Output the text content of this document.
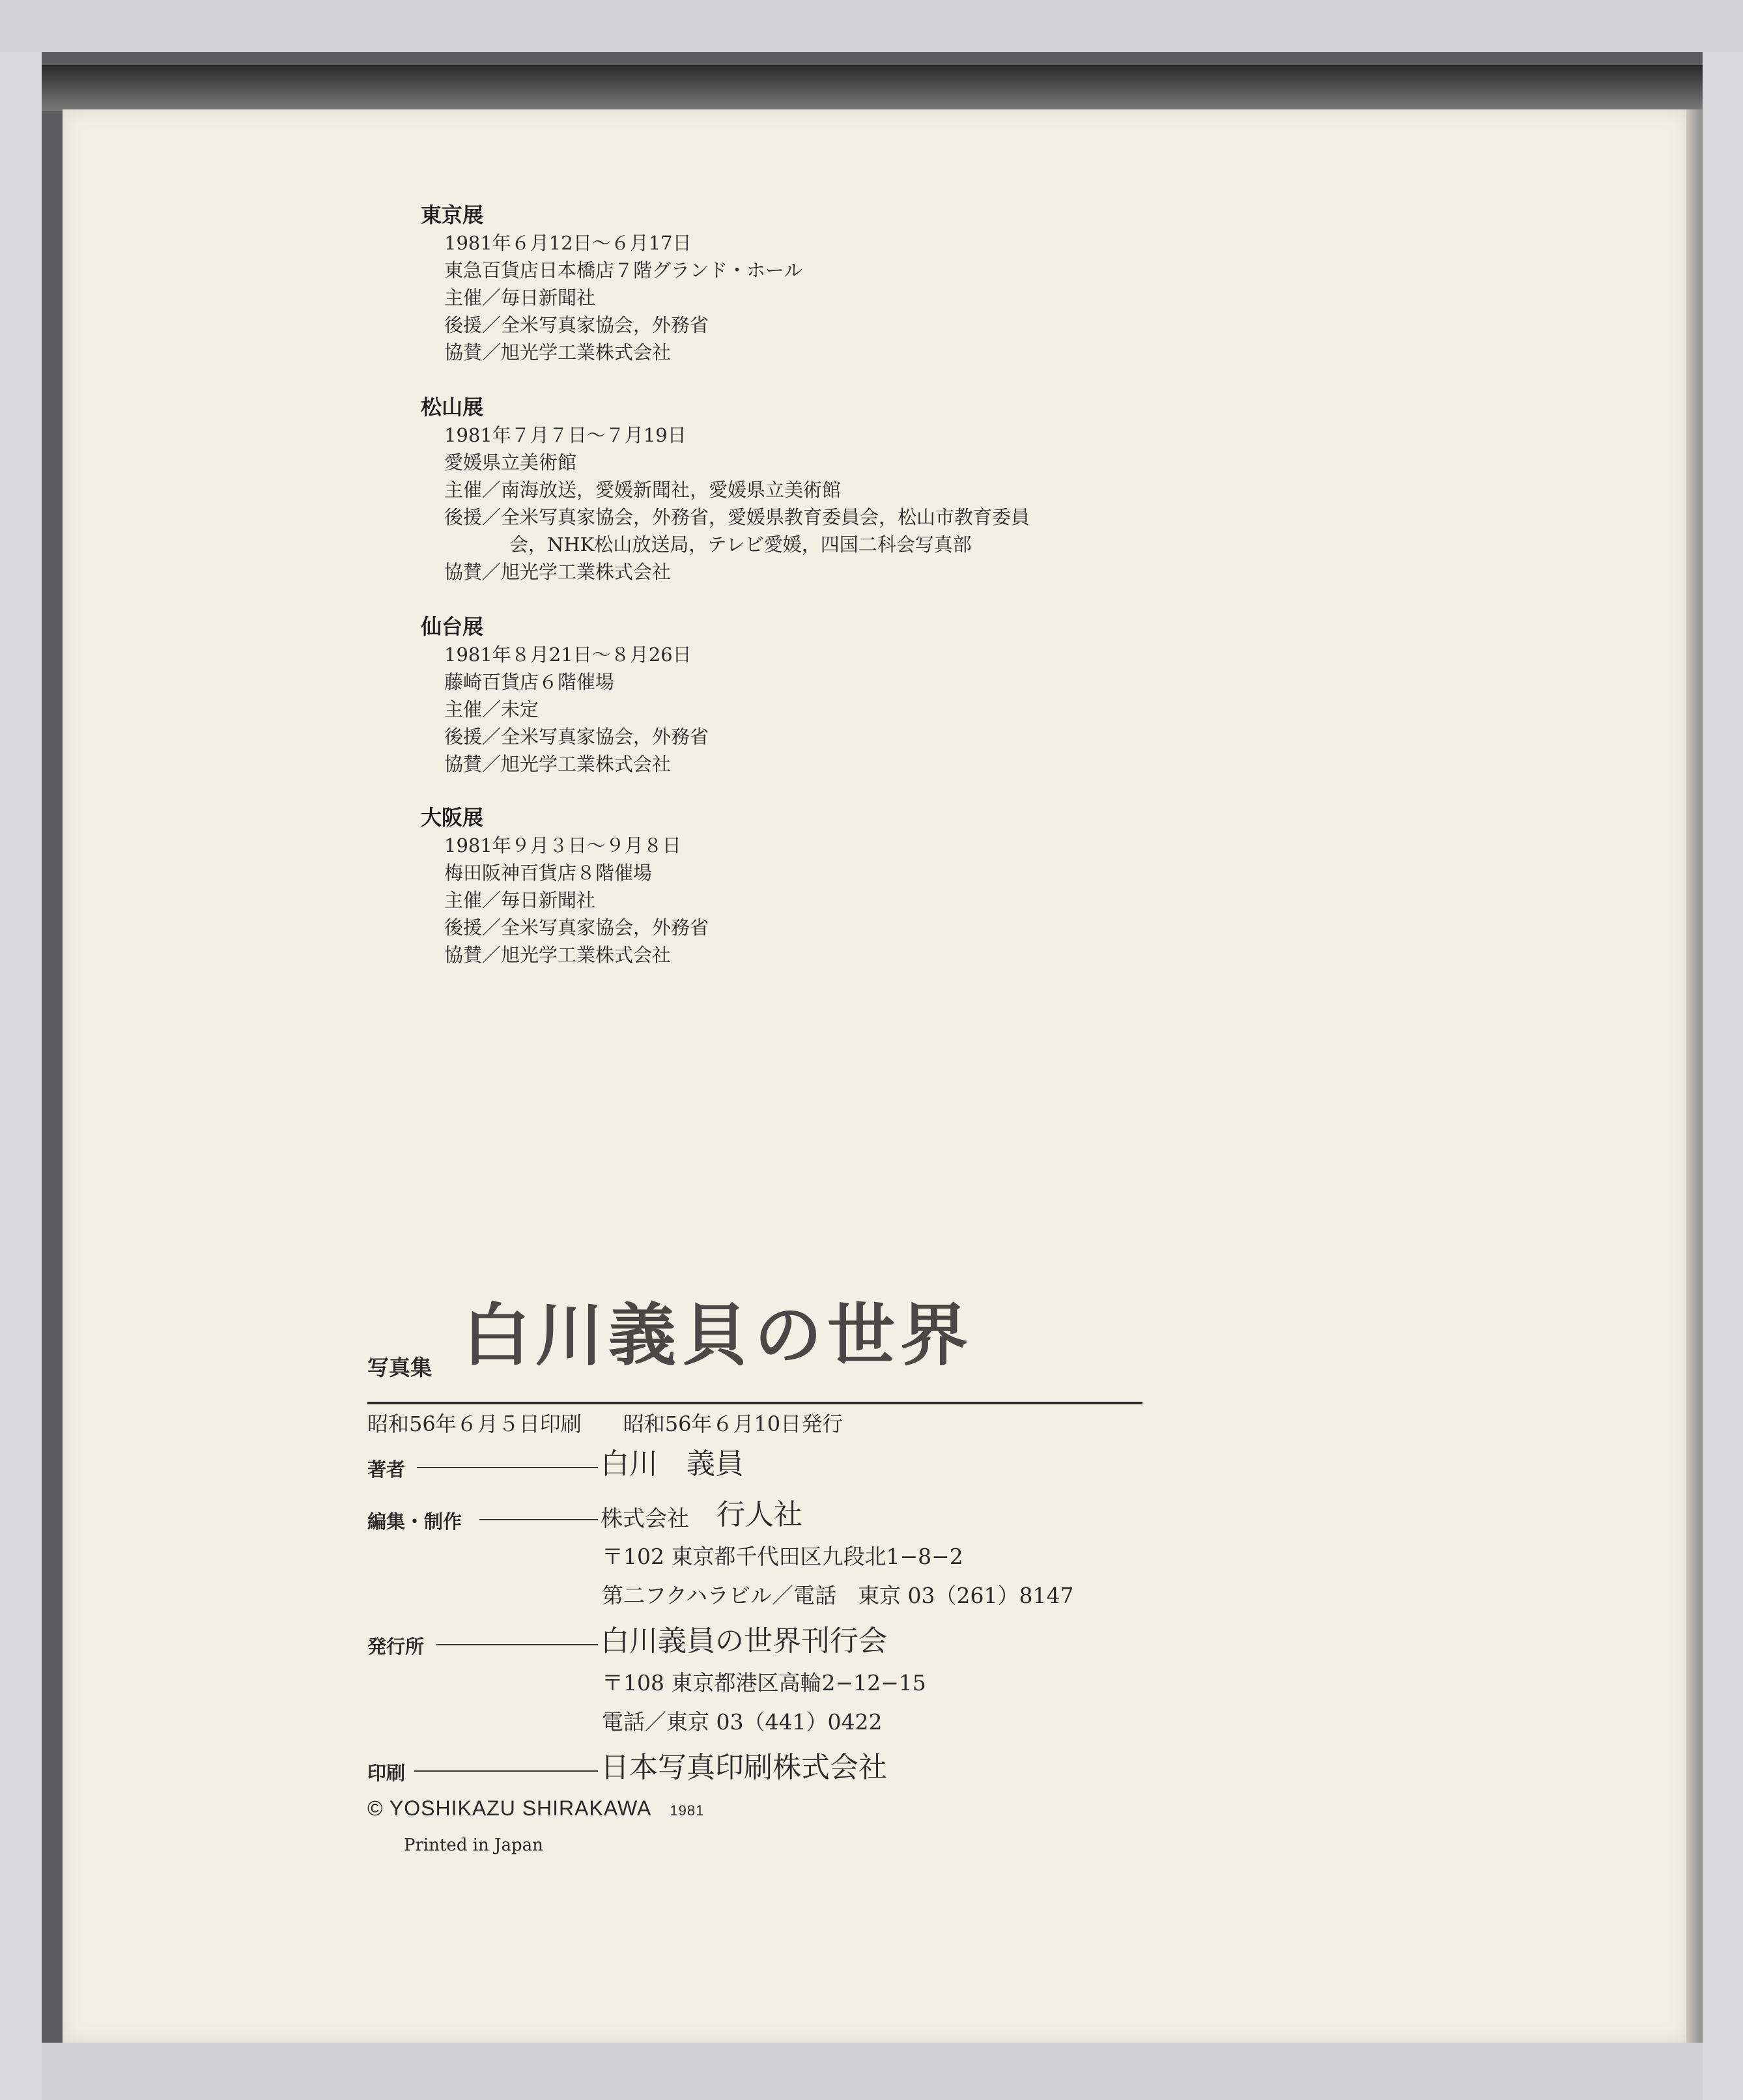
東京展
1981年６月12日～６月17日
東急百貨店日本橋店７階グランド・ホール
主催／毎日新聞社
後援／全米写真家協会，外務省
協賛／旭光学工業株式会社
松山展
1981年７月７日～７月19日
愛媛県立美術館
主催／南海放送，愛媛新聞社，愛媛県立美術館
後援／全米写真家協会，外務省，愛媛県教育委員会，松山市教育委員
会，NHK松山放送局，テレビ愛媛，四国二科会写真部
協賛／旭光学工業株式会社
仙台展
1981年８月21日～８月26日
藤崎百貨店６階催場
主催／未定
後援／全米写真家協会，外務省
協賛／旭光学工業株式会社
大阪展
1981年９月３日～９月８日
梅田阪神百貨店８階催場
主催／毎日新聞社
後援／全米写真家協会，外務省
協賛／旭光学工業株式会社
写真集 白川義貝の世界
昭和56年６月５日印刷　　昭和56年６月10日発行
著者	白川　義員
編集・制作	株式会社 行人社
〒102 東京都千代田区九段北1−8−2
第二フクハラビル／電話　東京 03（261）8147
発行所	白川義員の世界刊行会
〒108 東京都港区高輪2−12−15
電話／東京 03（441）0422
印刷	日本写真印刷株式会社
© YOSHIKAZU SHIRAKAWA 1981
Printed in Japan
